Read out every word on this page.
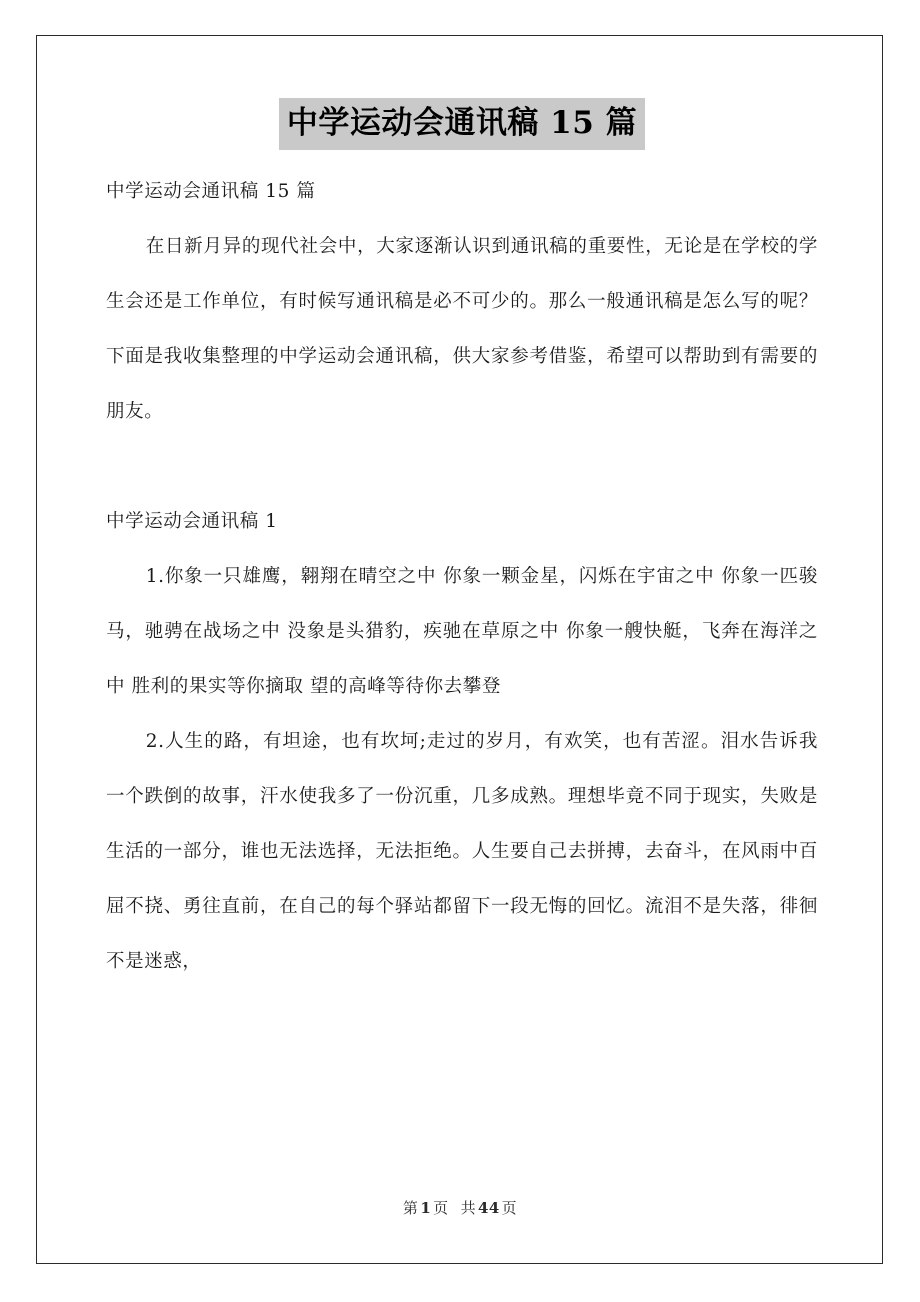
中学运动会通讯稿 15 篇

中学运动会通讯稿 15 篇

在日新月异的现代社会中，大家逐渐认识到通讯稿的重要性，无论是在学校的学生会还是工作单位，有时候写通讯稿是必不可少的。那么一般通讯稿是怎么写的呢？下面是我收集整理的中学运动会通讯稿，供大家参考借鉴，希望可以帮助到有需要的朋友。

中学运动会通讯稿 1

1.你象一只雄鹰，翱翔在晴空之中 你象一颗金星，闪烁在宇宙之中 你象一匹骏马，驰骋在战场之中 没象是头猎豹，疾驰在草原之中 你象一艘快艇，飞奔在海洋之中 胜利的果实等你摘取 望的高峰等待你去攀登

2.人生的路，有坦途，也有坎坷;走过的岁月，有欢笑，也有苦涩。泪水告诉我一个跌倒的故事，汗水使我多了一份沉重，几多成熟。理想毕竟不同于现实，失败是生活的一部分，谁也无法选择，无法拒绝。人生要自己去拼搏，去奋斗，在风雨中百屈不挠、勇往直前，在自己的每个驿站都留下一段无悔的回忆。流泪不是失落，徘徊不是迷惑，

第 1 页 共 44 页
